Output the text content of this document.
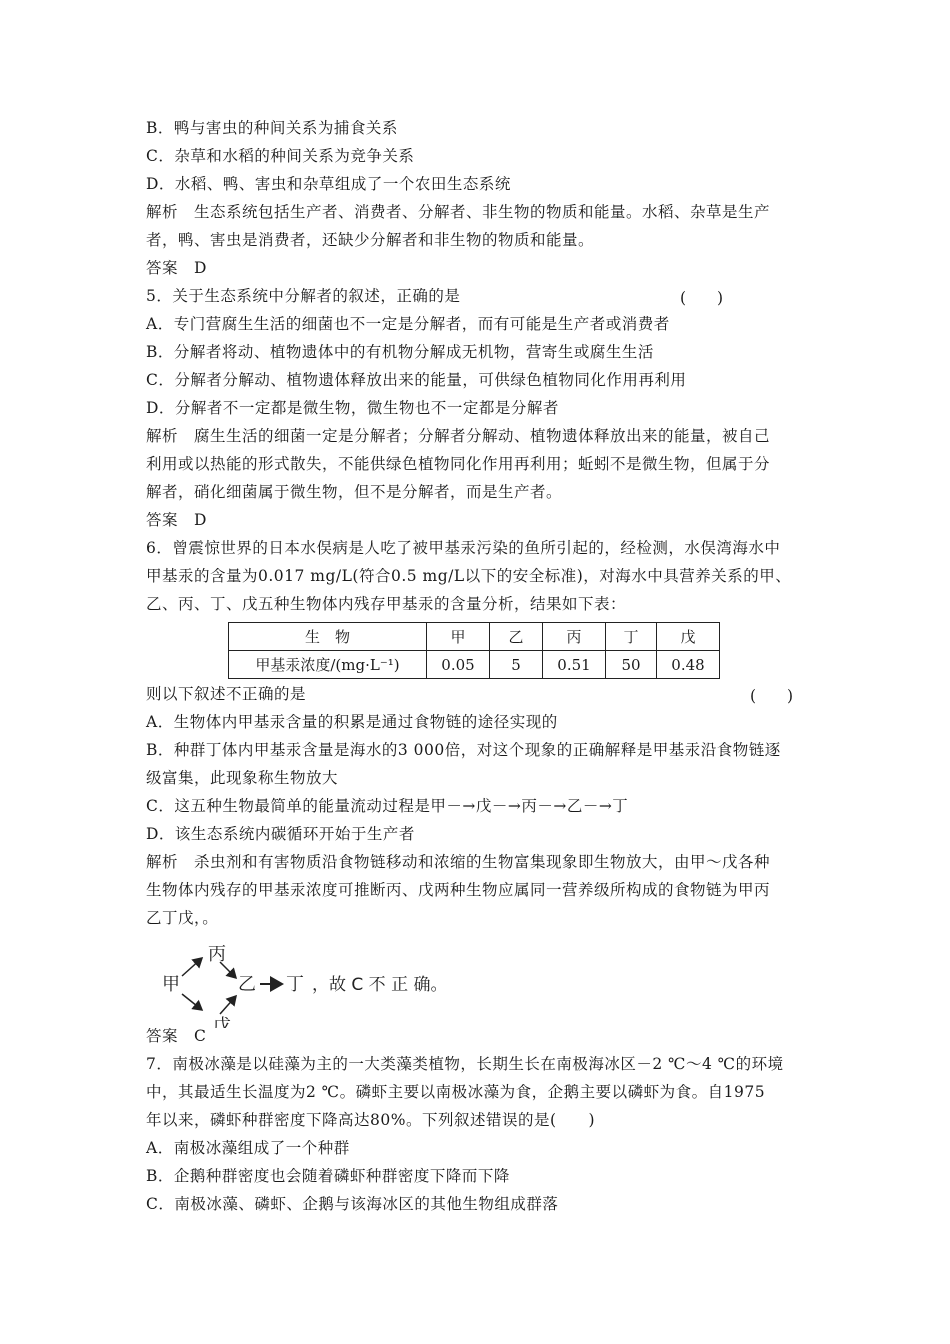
B．鸭与害虫的种间关系为捕食关系
C．杂草和水稻的种间关系为竞争关系
D．水稻、鸭、害虫和杂草组成了一个农田生态系统
解析　生态系统包括生产者、消费者、分解者、非生物的物质和能量。水稻、杂草是生产
者，鸭、害虫是消费者，还缺少分解者和非生物的物质和能量。
答案　D
5．关于生态系统中分解者的叙述，正确的是	(　　)
A．专门营腐生生活的细菌也不一定是分解者，而有可能是生产者或消费者
B．分解者将动、植物遗体中的有机物分解成无机物，营寄生或腐生生活
C．分解者分解动、植物遗体释放出来的能量，可供绿色植物同化作用再利用
D．分解者不一定都是微生物，微生物也不一定都是分解者
解析　腐生生活的细菌一定是分解者；分解者分解动、植物遗体释放出来的能量，被自己
利用或以热能的形式散失，不能供绿色植物同化作用再利用；蚯蚓不是微生物，但属于分
解者，硝化细菌属于微生物，但不是分解者，而是生产者。
答案　D
6．曾震惊世界的日本水俣病是人吃了被甲基汞污染的鱼所引起的，经检测，水俣湾海水中
甲基汞的含量为0.017 mg/L(符合0.5 mg/L以下的安全标准)，对海水中具营养关系的甲、
乙、丙、丁、戊五种生物体内残存甲基汞的含量分析，结果如下表：
生　物	甲	乙	丙	丁	戊
甲基汞浓度/(mg·L⁻¹)	0.05	5	0.51	50	0.48
则以下叙述不正确的是	(　　)
A．生物体内甲基汞含量的积累是通过食物链的途径实现的
B．种群丁体内甲基汞含量是海水的3 000倍，对这个现象的正确解释是甲基汞沿食物链逐
级富集，此现象称生物放大
C．这五种生物最简单的能量流动过程是甲－→戊－→丙－→乙－→丁
D．该生态系统内碳循环开始于生产者
解析　杀虫剂和有害物质沿食物链移动和浓缩的生物富集现象即生物放大，由甲～戊各种
生物体内残存的甲基汞浓度可推断丙、戊两种生物应属同一营养级所构成的食物链为甲丙
乙丁戊，。
甲
丙
乙 丁
戊
，故 C 不 正 确。
答案　C
7．南极冰藻是以硅藻为主的一大类藻类植物，长期生长在南极海冰区－2 ℃～4 ℃的环境
中，其最适生长温度为2 ℃。磷虾主要以南极冰藻为食，企鹅主要以磷虾为食。自1975
年以来，磷虾种群密度下降高达80%。下列叙述错误的是(　　)
A．南极冰藻组成了一个种群
B．企鹅种群密度也会随着磷虾种群密度下降而下降
C．南极冰藻、磷虾、企鹅与该海冰区的其他生物组成群落
